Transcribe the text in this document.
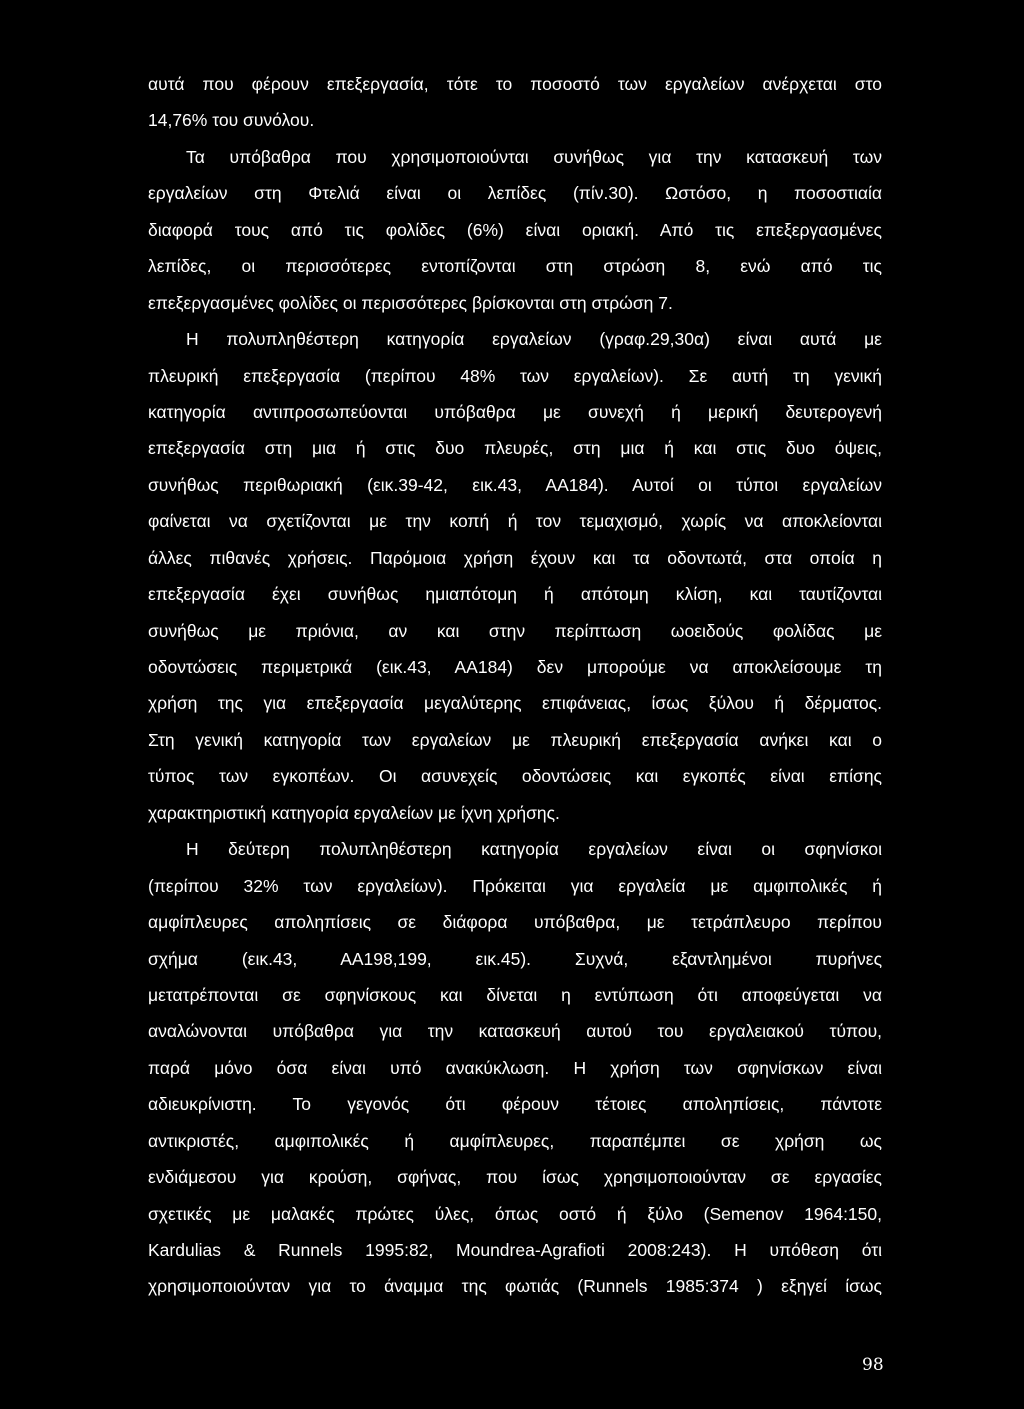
αυτά που φέρουν επεξεργασία, τότε το ποσοστό των εργαλείων ανέρχεται στο
14,76% του συνόλου.
Τα υπόβαθρα που χρησιμοποιούνται συνήθως για την κατασκευή των
εργαλείων στη Φτελιά είναι οι λεπίδες (πίν.30). Ωστόσο, η ποσοστιαία
διαφορά τους από τις φολίδες (6%) είναι οριακή. Από τις επεξεργασμένες
λεπίδες, οι περισσότερες εντοπίζονται στη στρώση 8, ενώ από τις
επεξεργασμένες φολίδες οι περισσότερες βρίσκονται στη στρώση 7.
Η πολυπληθέστερη κατηγορία εργαλείων (γραφ.29,30α) είναι αυτά με
πλευρική επεξεργασία (περίπου 48% των εργαλείων). Σε αυτή τη γενική
κατηγορία αντιπροσωπεύονται υπόβαθρα με συνεχή ή μερική δευτερογενή
επεξεργασία στη μια ή στις δυο πλευρές, στη μια ή και στις δυο όψεις,
συνήθως περιθωριακή (εικ.39-42, εικ.43, ΑΑ184). Αυτοί οι τύποι εργαλείων
φαίνεται να σχετίζονται με την κοπή ή τον τεμαχισμό, χωρίς να αποκλείονται
άλλες πιθανές χρήσεις. Παρόμοια χρήση έχουν και τα οδοντωτά, στα οποία η
επεξεργασία έχει συνήθως ημιαπότομη ή απότομη κλίση, και ταυτίζονται
συνήθως με πριόνια, αν και στην περίπτωση ωοειδούς φολίδας με
οδοντώσεις περιμετρικά (εικ.43, ΑΑ184) δεν μπορούμε να αποκλείσουμε τη
χρήση της για επεξεργασία μεγαλύτερης επιφάνειας, ίσως ξύλου ή δέρματος.
Στη γενική κατηγορία των εργαλείων με πλευρική επεξεργασία ανήκει και ο
τύπος των εγκοπέων. Οι ασυνεχείς οδοντώσεις και εγκοπές είναι επίσης
χαρακτηριστική κατηγορία εργαλείων με ίχνη χρήσης.
Η δεύτερη πολυπληθέστερη κατηγορία εργαλείων είναι οι σφηνίσκοι
(περίπου 32% των εργαλείων). Πρόκειται για εργαλεία με αμφιπολικές ή
αμφίπλευρες αποληπίσεις σε διάφορα υπόβαθρα, με τετράπλευρο περίπου
σχήμα (εικ.43, ΑΑ198,199, εικ.45). Συχνά, εξαντλημένοι πυρήνες
μετατρέπονται σε σφηνίσκους και δίνεται η εντύπωση ότι αποφεύγεται να
αναλώνονται υπόβαθρα για την κατασκευή αυτού του εργαλειακού τύπου,
παρά μόνο όσα είναι υπό ανακύκλωση. Η χρήση των σφηνίσκων είναι
αδιευκρίνιστη. Το γεγονός ότι φέρουν τέτοιες αποληπίσεις, πάντοτε
αντικριστές, αμφιπολικές ή αμφίπλευρες, παραπέμπει σε χρήση ως
ενδιάμεσου για κρούση, σφήνας, που ίσως χρησιμοποιούνταν σε εργασίες
σχετικές με μαλακές πρώτες ύλες, όπως οστό ή ξύλο (Semenov 1964:150,
Kardulias & Runnels 1995:82, Moundrea-Agrafioti 2008:243). Η υπόθεση ότι
χρησιμοποιούνταν για το άναμμα της φωτιάς (Runnels 1985:374 ) εξηγεί ίσως
98
